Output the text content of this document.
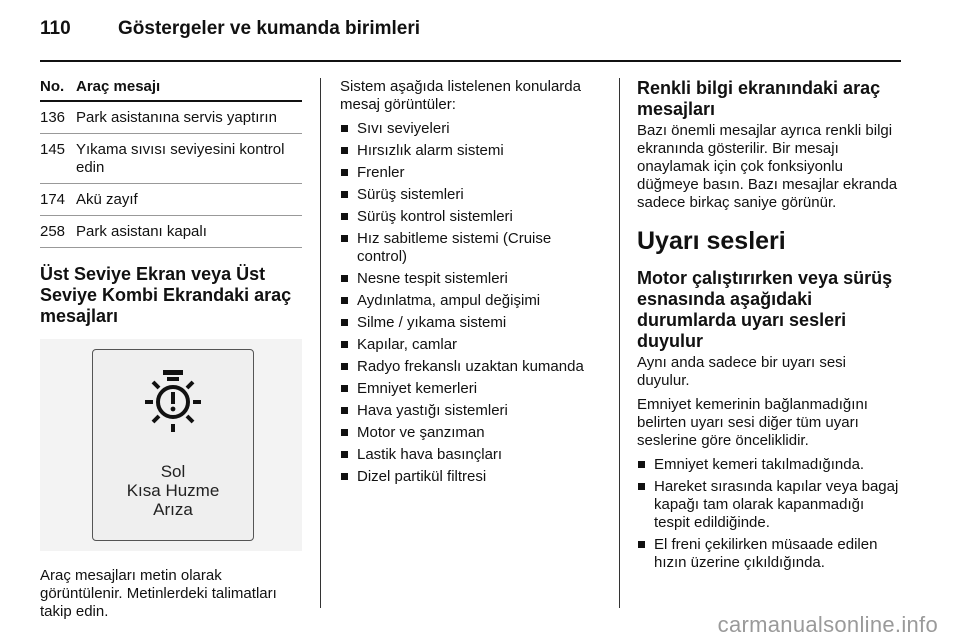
110 Göstergeler ve kumanda birimleri
No. Araç mesajı
136 Park asistanına servis yaptırın
145 Yıkama sıvısı seviyesini kontrol edin
174 Akü zayıf
258 Park asistanı kapalı
Üst Seviye Ekran veya Üst Seviye Kombi Ekrandaki araç mesajları
Sol
Kısa Huzme
Arıza

Araç mesajları metin olarak görüntülenir. Metinlerdeki talimatları takip edin.

Sistem aşağıda listelenen konularda mesaj görüntüler:

Sıvı seviyeleri
Hırsızlık alarm sistemi
Frenler
Sürüş sistemleri
Sürüş kontrol sistemleri
Hız sabitleme sistemi (Cruise control)
Nesne tespit sistemleri
Aydınlatma, ampul değişimi
Silme / yıkama sistemi
Kapılar, camlar
Radyo frekanslı uzaktan kumanda
Emniyet kemerleri
Hava yastığı sistemleri
Motor ve şanzıman
Lastik hava basınçları
Dizel partikül filtresi
Renkli bilgi ekranındaki araç mesajları

Bazı önemli mesajlar ayrıca renkli bilgi ekranında gösterilir. Bir mesajı onaylamak için çok fonksiyonlu düğmeye basın. Bazı mesajlar ekranda sadece birkaç saniye görünür.

Uyarı sesleri
Motor çalıştırırken veya sürüş esnasında aşağıdaki durumlarda uyarı sesleri duyulur

Aynı anda sadece bir uyarı sesi duyulur.

Emniyet kemerinin bağlanmadığını belirten uyarı sesi diğer tüm uyarı seslerine göre önceliklidir.

Emniyet kemeri takılmadığında.
Hareket sırasında kapılar veya bagaj kapağı tam olarak kapanmadığı tespit edildiğinde.
El freni çekilirken müsaade edilen hızın üzerine çıkıldığında.
carmanualsonline.info
